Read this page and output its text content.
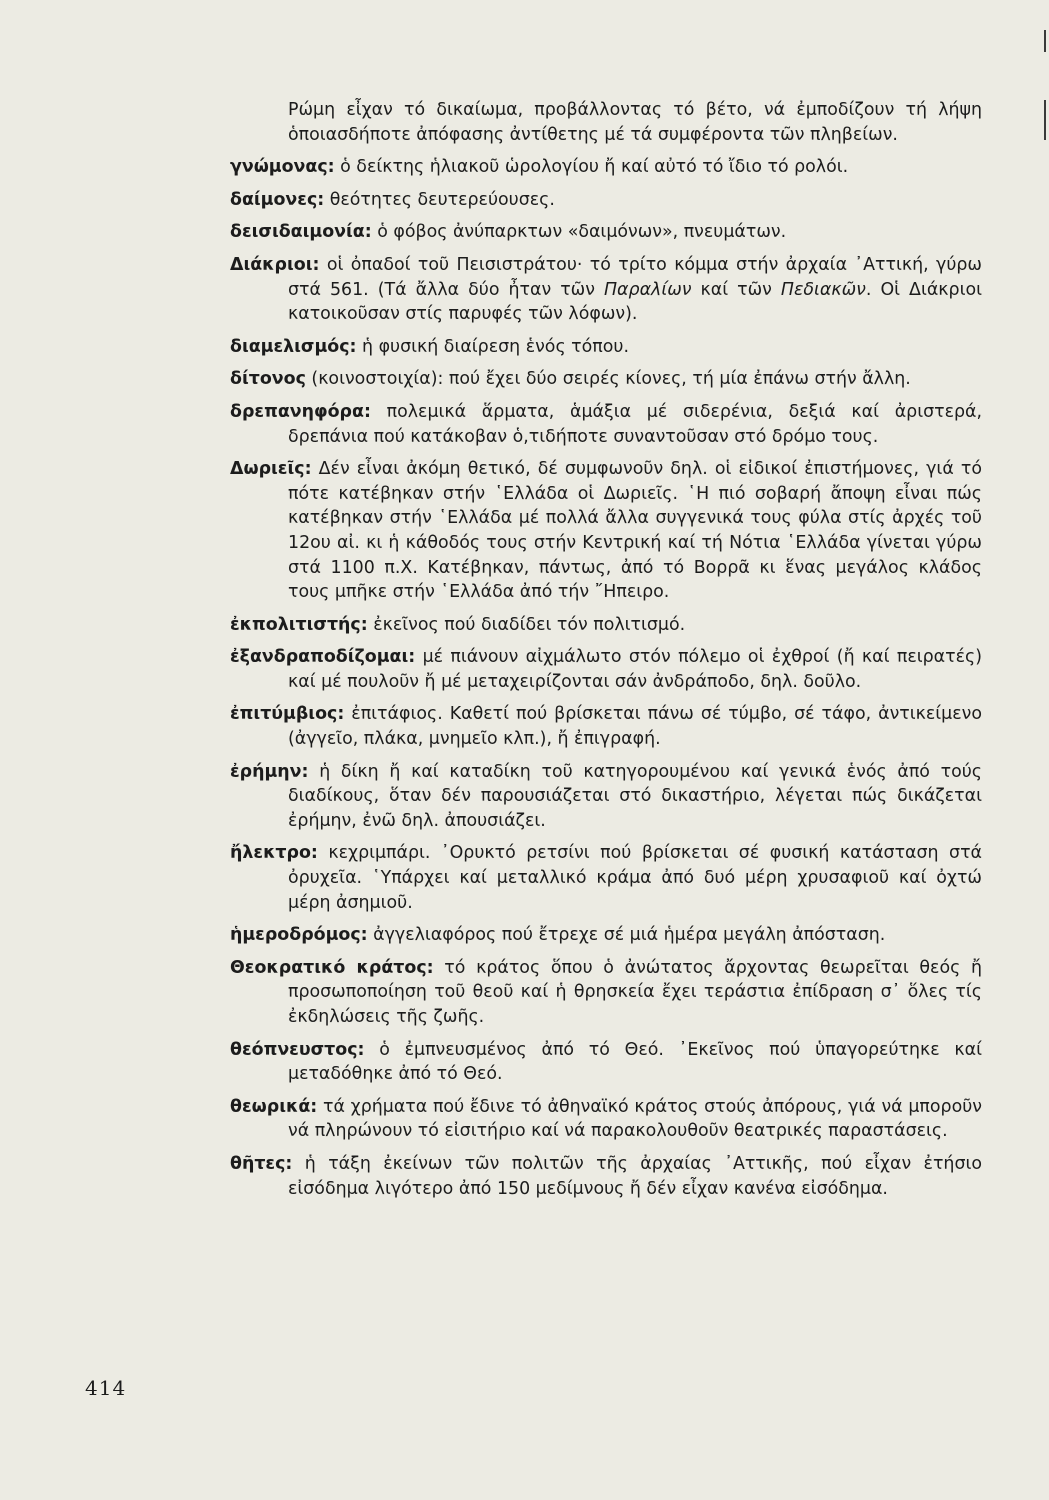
Ρώμη εἶχαν τό δικαίωμα, προβάλλοντας τό βέτο, νά ἐμποδίζουν τή λήψη ὁποιασδήποτε ἀπόφασης ἀντίθετης μέ τά συμφέροντα τῶν πληβείων.

γνώμονας: ὁ δείκτης ἡλιακοῦ ὡρολογίου ἤ καί αὐτό τό ἴδιο τό ρολόι.

δαίμονες: θεότητες δευτερεύουσες.

δεισιδαιμονία: ὁ φόβος ἀνύπαρκτων «δαιμόνων», πνευμάτων.

Διάκριοι: οἱ ὀπαδοί τοῦ Πεισιστράτου· τό τρίτο κόμμα στήν ἀρχαία ᾿Αττική, γύρω στά 561. (Τά ἄλλα δύο ἦταν τῶν Παραλίων καί τῶν Πεδιακῶν. Οἱ Διάκριοι κατοικοῦσαν στίς παρυφές τῶν λόφων).

διαμελισμός: ἡ φυσική διαίρεση ἑνός τόπου.

δίτονος (κοινοστοιχία): πού ἔχει δύο σειρές κίονες, τή μία ἐπάνω στήν ἄλλη.

δρεπανηφόρα: πολεμικά ἅρματα, ἁμάξια μέ σιδερένια, δεξιά καί ἀριστερά, δρεπάνια πού κατάκοβαν ὁ,τιδήποτε συναντοῦσαν στό δρόμο τους.

Δωριεῖς: Δέν εἶναι ἀκόμη θετικό, δέ συμφωνοῦν δηλ. οἱ εἰδικοί ἐπιστήμονες, γιά τό πότε κατέβηκαν στήν ῾Ελλάδα οἱ Δωριεῖς. ῾Η πιό σοβαρή ἄποψη εἶναι πώς κατέβηκαν στήν ῾Ελλάδα μέ πολλά ἄλλα συγγενικά τους φύλα στίς ἀρχές τοῦ 12ου αἰ. κι ἡ κάθοδός τους στήν Κεντρική καί τή Νότια ῾Ελλάδα γίνεται γύρω στά 1100 π.Χ. Κατέβηκαν, πάντως, ἀπό τό Βορρᾶ κι ἕνας μεγάλος κλάδος τους μπῆκε στήν ῾Ελλάδα ἀπό τήν ῎Ηπειρο.

ἐκπολιτιστής: ἐκεῖνος πού διαδίδει τόν πολιτισμό.

ἐξανδραποδίζομαι: μέ πιάνουν αἰχμάλωτο στόν πόλεμο οἱ ἐχθροί (ἤ καί πειρατές) καί μέ πουλοῦν ἤ μέ μεταχειρίζονται σάν ἀνδράποδο, δηλ. δοῦλο.

ἐπιτύμβιος: ἐπιτάφιος. Καθετί πού βρίσκεται πάνω σέ τύμβο, σέ τάφο, ἀντικείμενο (ἀγγεῖο, πλάκα, μνημεῖο κλπ.), ἤ ἐπιγραφή.

ἐρήμην: ἡ δίκη ἤ καί καταδίκη τοῦ κατηγορουμένου καί γενικά ἑνός ἀπό τούς διαδίκους, ὅταν δέν παρουσιάζεται στό δικαστήριο, λέγεται πώς δικάζεται ἐρήμην, ἐνῶ δηλ. ἀπουσιάζει.

ἤλεκτρο: κεχριμπάρι. ᾿Ορυκτό ρετσίνι πού βρίσκεται σέ φυσική κατάσταση στά ὀρυχεῖα. ῾Υπάρχει καί μεταλλικό κράμα ἀπό δυό μέρη χρυσαφιοῦ καί ὀχτώ μέρη ἀσημιοῦ.

ἡμεροδρόμος: ἀγγελιαφόρος πού ἔτρεχε σέ μιά ἡμέρα μεγάλη ἀπόσταση.

Θεοκρατικό κράτος: τό κράτος ὅπου ὁ ἀνώτατος ἄρχοντας θεωρεῖται θεός ἤ προσωποποίηση τοῦ θεοῦ καί ἡ θρησκεία ἔχει τεράστια ἐπίδραση σ᾿ ὅλες τίς ἐκδηλώσεις τῆς ζωῆς.

θεόπνευστος: ὁ ἐμπνευσμένος ἀπό τό Θεό. ᾿Εκεῖνος πού ὑπαγορεύτηκε καί μεταδόθηκε ἀπό τό Θεό.

θεωρικά: τά χρήματα πού ἔδινε τό ἀθηναϊκό κράτος στούς ἀπόρους, γιά νά μποροῦν νά πληρώνουν τό εἰσιτήριο καί νά παρακολουθοῦν θεατρικές παραστάσεις.

θῆτες: ἡ τάξη ἐκείνων τῶν πολιτῶν τῆς ἀρχαίας ᾿Αττικῆς, πού εἶχαν ἐτήσιο εἰσόδημα λιγότερο ἀπό 150 μεδίμνους ἤ δέν εἶχαν κανένα εἰσόδημα.

414
